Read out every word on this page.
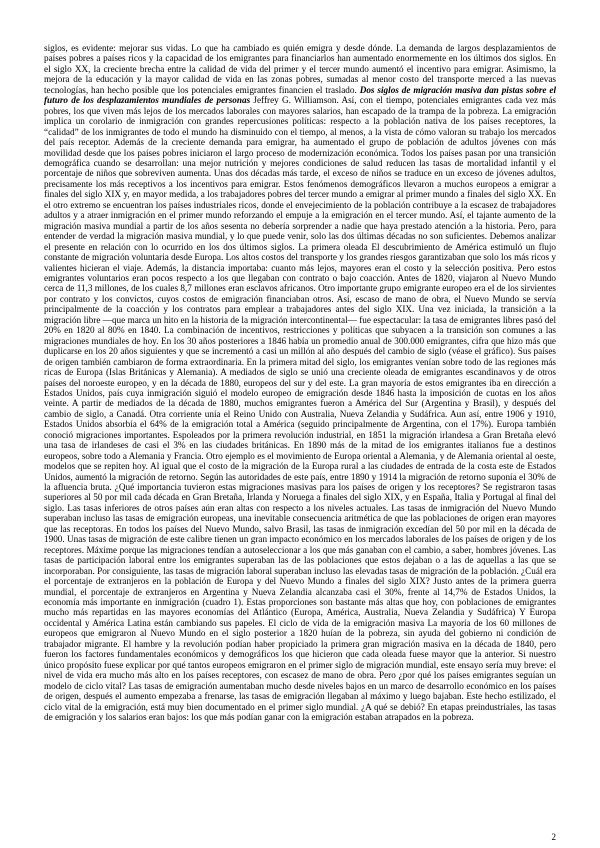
siglos, es evidente: mejorar sus vidas. Lo que ha cambiado es quién emigra y desde dónde. La demanda de largos desplazamientos de países pobres a países ricos y la capacidad de los emigrantes para financiarlos han aumentado enormemente en los últimos dos siglos. En el siglo XX, la creciente brecha entre la calidad de vida del primer y el tercer mundo aumentó el incentivo para emigrar. Asimismo, la mejora de la educación y la mayor calidad de vida en las zonas pobres, sumadas al menor costo del transporte merced a las nuevas tecnologías, han hecho posible que los potenciales emigrantes financien el traslado. Dos siglos de migración masiva dan pistas sobre el futuro de los desplazamientos mundiales de personas Jeffrey G. Williamson. Así, con el tiempo, potenciales emigrantes cada vez más pobres, los que viven más lejos de los mercados laborales con mayores salarios, han escapado de la trampa de la pobreza. La emigración implica un corolario de inmigración con grandes repercusiones políticas: respecto a la población nativa de los países receptores, la “calidad” de los inmigrantes de todo el mundo ha disminuido con el tiempo, al menos, a la vista de cómo valoran su trabajo los mercados del país receptor. Además de la creciente demanda para emigrar, ha aumentado el grupo de población de adultos jóvenes con más movilidad desde que los países pobres iniciaron el largo proceso de modernización económica. Todos los países pasan por una transición demográfica cuando se desarrollan: una mejor nutrición y mejores condiciones de salud reducen las tasas de mortalidad infantil y el porcentaje de niños que sobreviven aumenta. Unas dos décadas más tarde, el exceso de niños se traduce en un exceso de jóvenes adultos, precisamente los más receptivos a los incentivos para emigrar. Estos fenómenos demográficos llevaron a muchos europeos a emigrar a finales del siglo XIX y, en mayor medida, a los trabajadores pobres del tercer mundo a emigrar al primer mundo a finales del siglo XX. En el otro extremo se encuentran los países industriales ricos, donde el envejecimiento de la población contribuye a la escasez de trabajadores adultos y a atraer inmigración en el primer mundo reforzando el empuje a la emigración en el tercer mundo. Así, el tajante aumento de la migración masiva mundial a partir de los años sesenta no debería sorprender a nadie que haya prestado atención a la historia. Pero, para entender de verdad la migración masiva mundial, y lo que puede venir, solo las dos últimas décadas no son suficientes. Debemos analizar el presente en relación con lo ocurrido en los dos últimos siglos. La primera oleada El descubrimiento de América estimuló un flujo constante de migración voluntaria desde Europa. Los altos costos del transporte y los grandes riesgos garantizaban que solo los más ricos y valientes hicieran el viaje. Además, la distancia importaba: cuanto más lejos, mayores eran el costo y la selección positiva. Pero estos emigrantes voluntarios eran pocos respecto a los que llegaban con contrato o bajo coacción. Antes de 1820, viajaron al Nuevo Mundo cerca de 11,3 millones, de los cuales 8,7 millones eran esclavos africanos. Otro importante grupo emigrante europeo era el de los sirvientes por contrato y los convictos, cuyos costos de emigración financiaban otros. Así, escaso de mano de obra, el Nuevo Mundo se servía principalmente de la coacción y los contratos para emplear a trabajadores antes del siglo XIX. Una vez iniciada, la transición a la migración libre —que marca un hito en la historia de la migración intercontinental— fue espectacular: la tasa de emigrantes libres pasó del 20% en 1820 al 80% en 1840. La combinación de incentivos, restricciones y políticas que subyacen a la transición son comunes a las migraciones mundiales de hoy. En los 30 años posteriores a 1846 había un promedio anual de 300.000 emigrantes, cifra que hizo más que duplicarse en los 20 años siguientes y que se incrementó a casi un millón al año después del cambio de siglo (véase el gráfico). Sus países de origen también cambiaron de forma extraordinaria. En la primera mitad del siglo, los emigrantes venían sobre todo de las regiones más ricas de Europa (Islas Británicas y Alemania). A mediados de siglo se unió una creciente oleada de emigrantes escandinavos y de otros países del noroeste europeo, y en la década de 1880, europeos del sur y del este. La gran mayoría de estos emigrantes iba en dirección a Estados Unidos, país cuya inmigración siguió el modelo europeo de emigración desde 1846 hasta la imposición de cuotas en los años veinte. A partir de mediados de la década de 1880, muchos emigrantes fueron a América del Sur (Argentina y Brasil), y después del cambio de siglo, a Canadá. Otra corriente unía el Reino Unido con Australia, Nueva Zelandia y Sudáfrica. Aun así, entre 1906 y 1910, Estados Unidos absorbía el 64% de la emigración total a América (seguido principalmente de Argentina, con el 17%). Europa también conoció migraciones importantes. Espoleados por la primera revolución industrial, en 1851 la migración irlandesa a Gran Bretaña elevó una tasa de irlandeses de casi el 3% en las ciudades británicas. En 1890 más de la mitad de los emigrantes italianos fue a destinos europeos, sobre todo a Alemania y Francia. Otro ejemplo es el movimiento de Europa oriental a Alemania, y de Alemania oriental al oeste, modelos que se repiten hoy. Al igual que el costo de la migración de la Europa rural a las ciudades de entrada de la costa este de Estados Unidos, aumentó la migración de retorno. Según las autoridades de este país, entre 1890 y 1914 la migración de retorno suponía el 30% de la afluencia bruta. ¿Qué importancia tuvieron estas migraciones masivas para los países de origen y los receptores? Se registraron tasas superiores al 50 por mil cada década en Gran Bretaña, Irlanda y Noruega a finales del siglo XIX, y en España, Italia y Portugal al final del siglo. Las tasas inferiores de otros países aún eran altas con respecto a los niveles actuales. Las tasas de inmigración del Nuevo Mundo superaban incluso las tasas de emigración europeas, una inevitable consecuencia aritmética de que las poblaciones de origen eran mayores que las receptoras. En todos los países del Nuevo Mundo, salvo Brasil, las tasas de inmigración excedían del 50 por mil en la década de 1900. Unas tasas de migración de este calibre tienen un gran impacto económico en los mercados laborales de los países de origen y de los receptores. Máxime porque las migraciones tendían a autoseleccionar a los que más ganaban con el cambio, a saber, hombres jóvenes. Las tasas de participación laboral entre los emigrantes superaban las de las poblaciones que estos dejaban o a las de aquellas a las que se incorporaban. Por consiguiente, las tasas de migración laboral superaban incluso las elevadas tasas de migración de la población. ¿Cuál era el porcentaje de extranjeros en la población de Europa y del Nuevo Mundo a finales del siglo XIX? Justo antes de la primera guerra mundial, el porcentaje de extranjeros en Argentina y Nueva Zelandia alcanzaba casi el 30%, frente al 14,7% de Estados Unidos, la economía más importante en inmigración (cuadro 1). Estas proporciones son bastante más altas que hoy, con poblaciones de emigrantes mucho más repartidas en las mayores economías del Atlántico (Europa, América, Australia, Nueva Zelandia y Sudáfrica) Y Europa occidental y América Latina están cambiando sus papeles. El ciclo de vida de la emigración masiva La mayoría de los 60 millones de europeos que emigraron al Nuevo Mundo en el siglo posterior a 1820 huían de la pobreza, sin ayuda del gobierno ni condición de trabajador migrante. El hambre y la revolución podían haber propiciado la primera gran migración masiva en la década de 1840, pero fueron los factores fundamentales económicos y demográficos los que hicieron que cada oleada fuese mayor que la anterior. Si nuestro único propósito fuese explicar por qué tantos europeos emigraron en el primer siglo de migración mundial, este ensayo sería muy breve: el nivel de vida era mucho más alto en los países receptores, con escasez de mano de obra. Pero ¿por qué los países emigrantes seguían un modelo de ciclo vital? Las tasas de emigración aumentaban mucho desde niveles bajos en un marco de desarrollo económico en los países de origen, después el aumento empezaba a frenarse, las tasas de emigración llegaban al máximo y luego bajaban. Este hecho estilizado, el ciclo vital de la emigración, está muy bien documentado en el primer siglo mundial. ¿A qué se debió? En etapas preindustriales, las tasas de emigración y los salarios eran bajos: los que más podían ganar con la emigración estaban atrapados en la pobreza.

2
